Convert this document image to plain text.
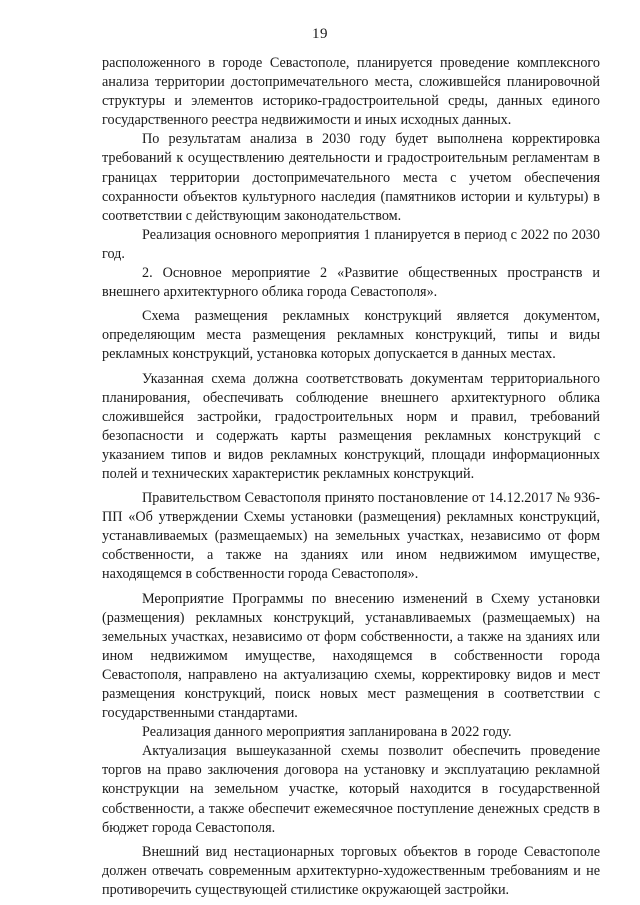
19

расположенного в городе Севастополе, планируется проведение комплексного анализа территории достопримечательного места, сложившейся планировочной структуры и элементов историко-градостроительной среды, данных единого государственного реестра недвижимости и иных исходных данных.

По результатам анализа в 2030 году будет выполнена корректировка требований к осуществлению деятельности и градостроительным регламентам в границах территории достопримечательного места с учетом обеспечения сохранности объектов культурного наследия (памятников истории и культуры) в соответствии с действующим законодательством.

Реализация основного мероприятия 1 планируется в период с 2022 по 2030 год.

2. Основное мероприятие 2 «Развитие общественных пространств и внешнего архитектурного облика города Севастополя».

Схема размещения рекламных конструкций является документом, определяющим места размещения рекламных конструкций, типы и виды рекламных конструкций, установка которых допускается в данных местах.

Указанная схема должна соответствовать документам территориального планирования, обеспечивать соблюдение внешнего архитектурного облика сложившейся застройки, градостроительных норм и правил, требований безопасности и содержать карты размещения рекламных конструкций с указанием типов и видов рекламных конструкций, площади информационных полей и технических характеристик рекламных конструкций.

Правительством Севастополя принято постановление от 14.12.2017 № 936-ПП «Об утверждении Схемы установки (размещения) рекламных конструкций, устанавливаемых (размещаемых) на земельных участках, независимо от форм собственности, а также на зданиях или ином недвижимом имуществе, находящемся в собственности города Севастополя».

Мероприятие Программы по внесению изменений в Схему установки (размещения) рекламных конструкций, устанавливаемых (размещаемых) на земельных участках, независимо от форм собственности, а также на зданиях или ином недвижимом имуществе, находящемся в собственности города Севастополя, направлено на актуализацию схемы, корректировку видов и мест размещения конструкций, поиск новых мест размещения в соответствии с государственными стандартами.

Реализация данного мероприятия запланирована в 2022 году.

Актуализация вышеуказанной схемы позволит обеспечить проведение торгов на право заключения договора на установку и эксплуатацию рекламной конструкции на земельном участке, который находится в государственной собственности, а также обеспечит ежемесячное поступление денежных средств в бюджет города Севастополя.

Внешний вид нестационарных торговых объектов в городе Севастополе должен отвечать современным архитектурно-художественным требованиям и не противоречить существующей стилистике окружающей застройки.
